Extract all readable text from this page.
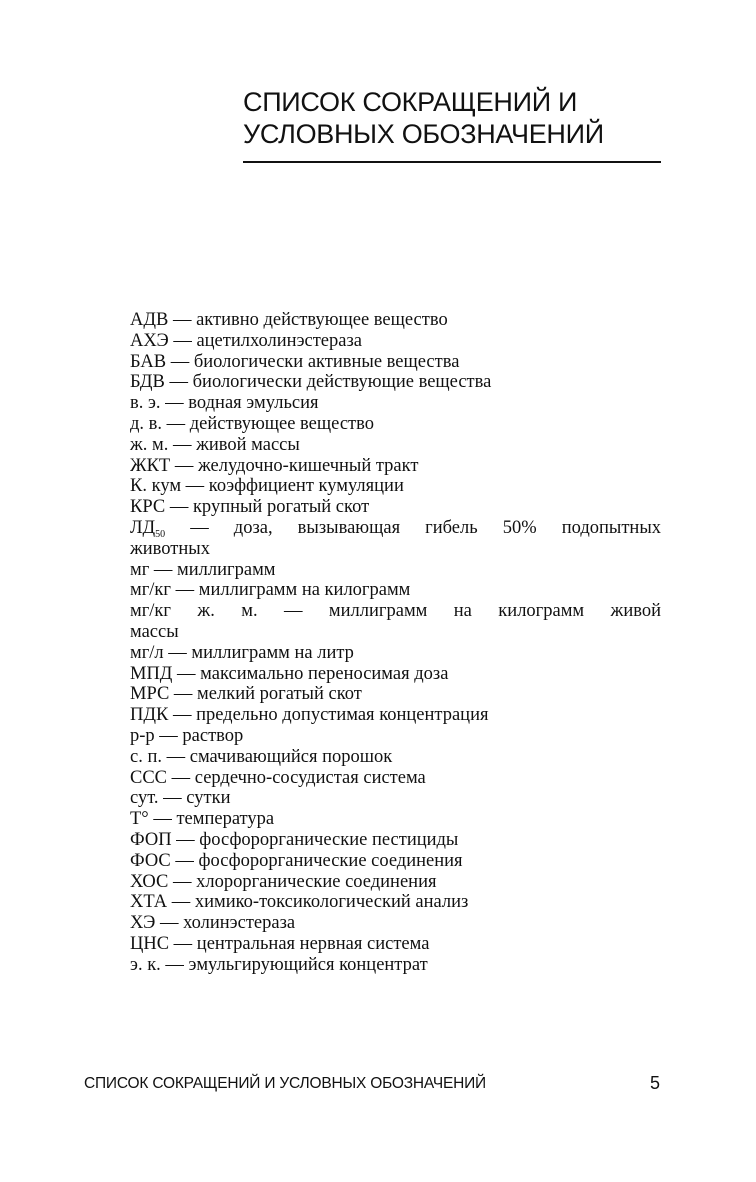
СПИСОК СОКРАЩЕНИЙ И
УСЛОВНЫХ ОБОЗНАЧЕНИЙ
АДВ — активно действующее вещество
АХЭ — ацетилхолинэстераза
БАВ — биологически активные вещества
БДВ — биологически действующие вещества
в. э. — водная эмульсия
д. в. — действующее вещество
ж. м. — живой массы
ЖКТ — желудочно-кишечный тракт
К. кум — коэффициент кумуляции
КРС — крупный рогатый скот
$ЛД_{50}$ — доза, вызывающая гибель 50% подопытных
животных
мг — миллиграмм
мг/кг — миллиграмм на килограмм
мг/кг ж. м. — миллиграмм на килограмм живой
массы
мг/л — миллиграмм на литр
МПД — максимально переносимая доза
МРС — мелкий рогатый скот
ПДК — предельно допустимая концентрация
р-р — раствор
с. п. — смачивающийся порошок
ССС — сердечно-сосудистая система
сут. — сутки
Т° — температура
ФОП — фосфорорганические пестициды
ФОС — фосфорорганические соединения
ХОС — хлорорганические соединения
ХТА — химико-токсикологический анализ
ХЭ — холинэстераза
ЦНС — центральная нервная система
э. к. — эмульгирующийся концентрат
СПИСОК СОКРАЩЕНИЙ И УСЛОВНЫХ ОБОЗНАЧЕНИЙ	5
